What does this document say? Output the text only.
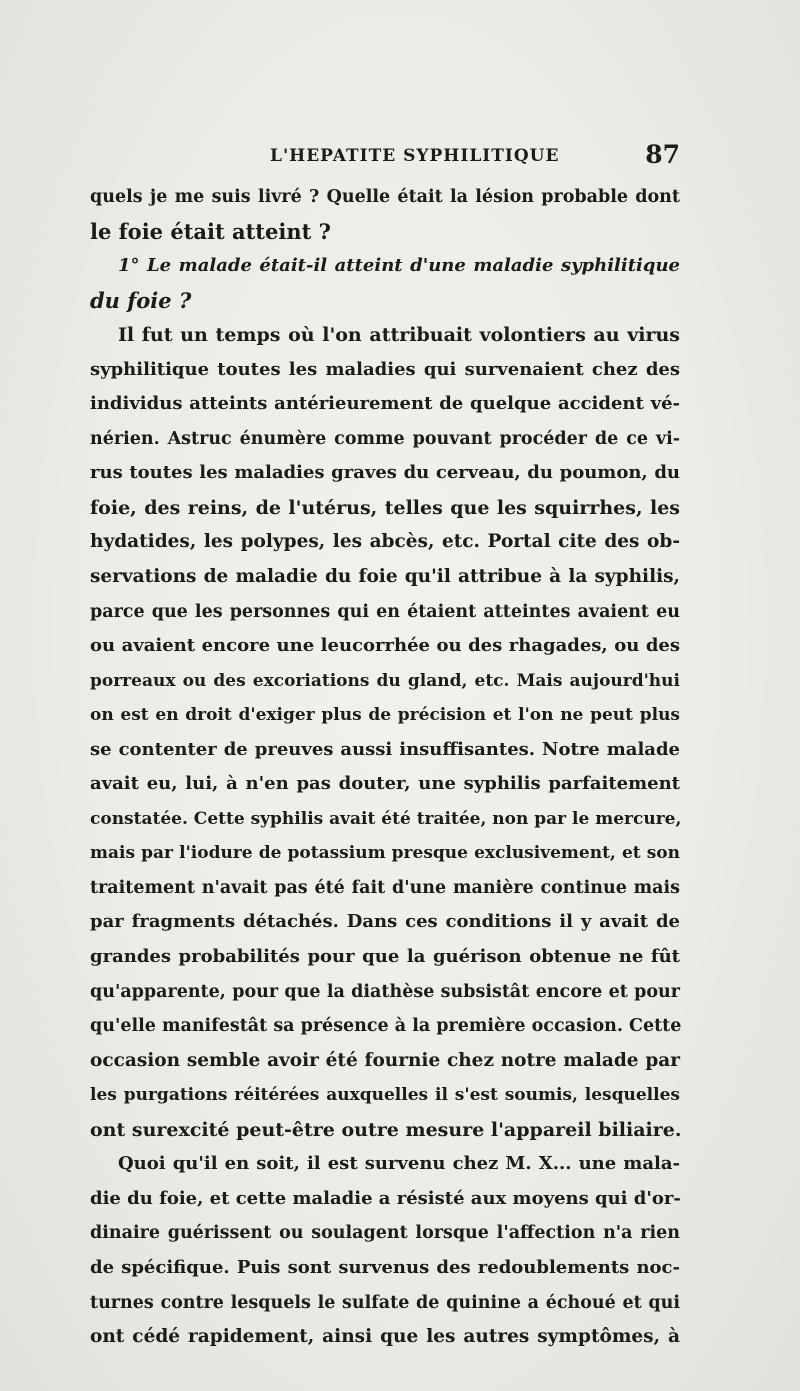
L'HEPATITE SYPHILITIQUE	87
quels je me suis livré ? Quelle était la lésion probable dont
le foie était atteint ?
1° Le malade était-il atteint d'une maladie syphilitique
du foie ?
Il fut un temps où l'on attribuait volontiers au virus
syphilitique toutes les maladies qui survenaient chez des
individus atteints antérieurement de quelque accident vé-
nérien. Astruc énumère comme pouvant procéder de ce vi-
rus toutes les maladies graves du cerveau, du poumon, du
foie, des reins, de l'utérus, telles que les squirrhes, les
hydatides, les polypes, les abcès, etc. Portal cite des ob-
servations de maladie du foie qu'il attribue à la syphilis,
parce que les personnes qui en étaient atteintes avaient eu
ou avaient encore une leucorrhée ou des rhagades, ou des
porreaux ou des excoriations du gland, etc. Mais aujourd'hui
on est en droit d'exiger plus de précision et l'on ne peut plus
se contenter de preuves aussi insuffisantes. Notre malade
avait eu, lui, à n'en pas douter, une syphilis parfaitement
constatée. Cette syphilis avait été traitée, non par le mercure,
mais par l'iodure de potassium presque exclusivement, et son
traitement n'avait pas été fait d'une manière continue mais
par fragments détachés. Dans ces conditions il y avait de
grandes probabilités pour que la guérison obtenue ne fût
qu'apparente, pour que la diathèse subsistât encore et pour
qu'elle manifestât sa présence à la première occasion. Cette
occasion semble avoir été fournie chez notre malade par
les purgations réitérées auxquelles il s'est soumis, lesquelles
ont surexcité peut-être outre mesure l'appareil biliaire.
Quoi qu'il en soit, il est survenu chez M. X... une mala-
die du foie, et cette maladie a résisté aux moyens qui d'or-
dinaire guérissent ou soulagent lorsque l'affection n'a rien
de spécifique. Puis sont survenus des redoublements noc-
turnes contre lesquels le sulfate de quinine a échoué et qui
ont cédé rapidement, ainsi que les autres symptômes, à
